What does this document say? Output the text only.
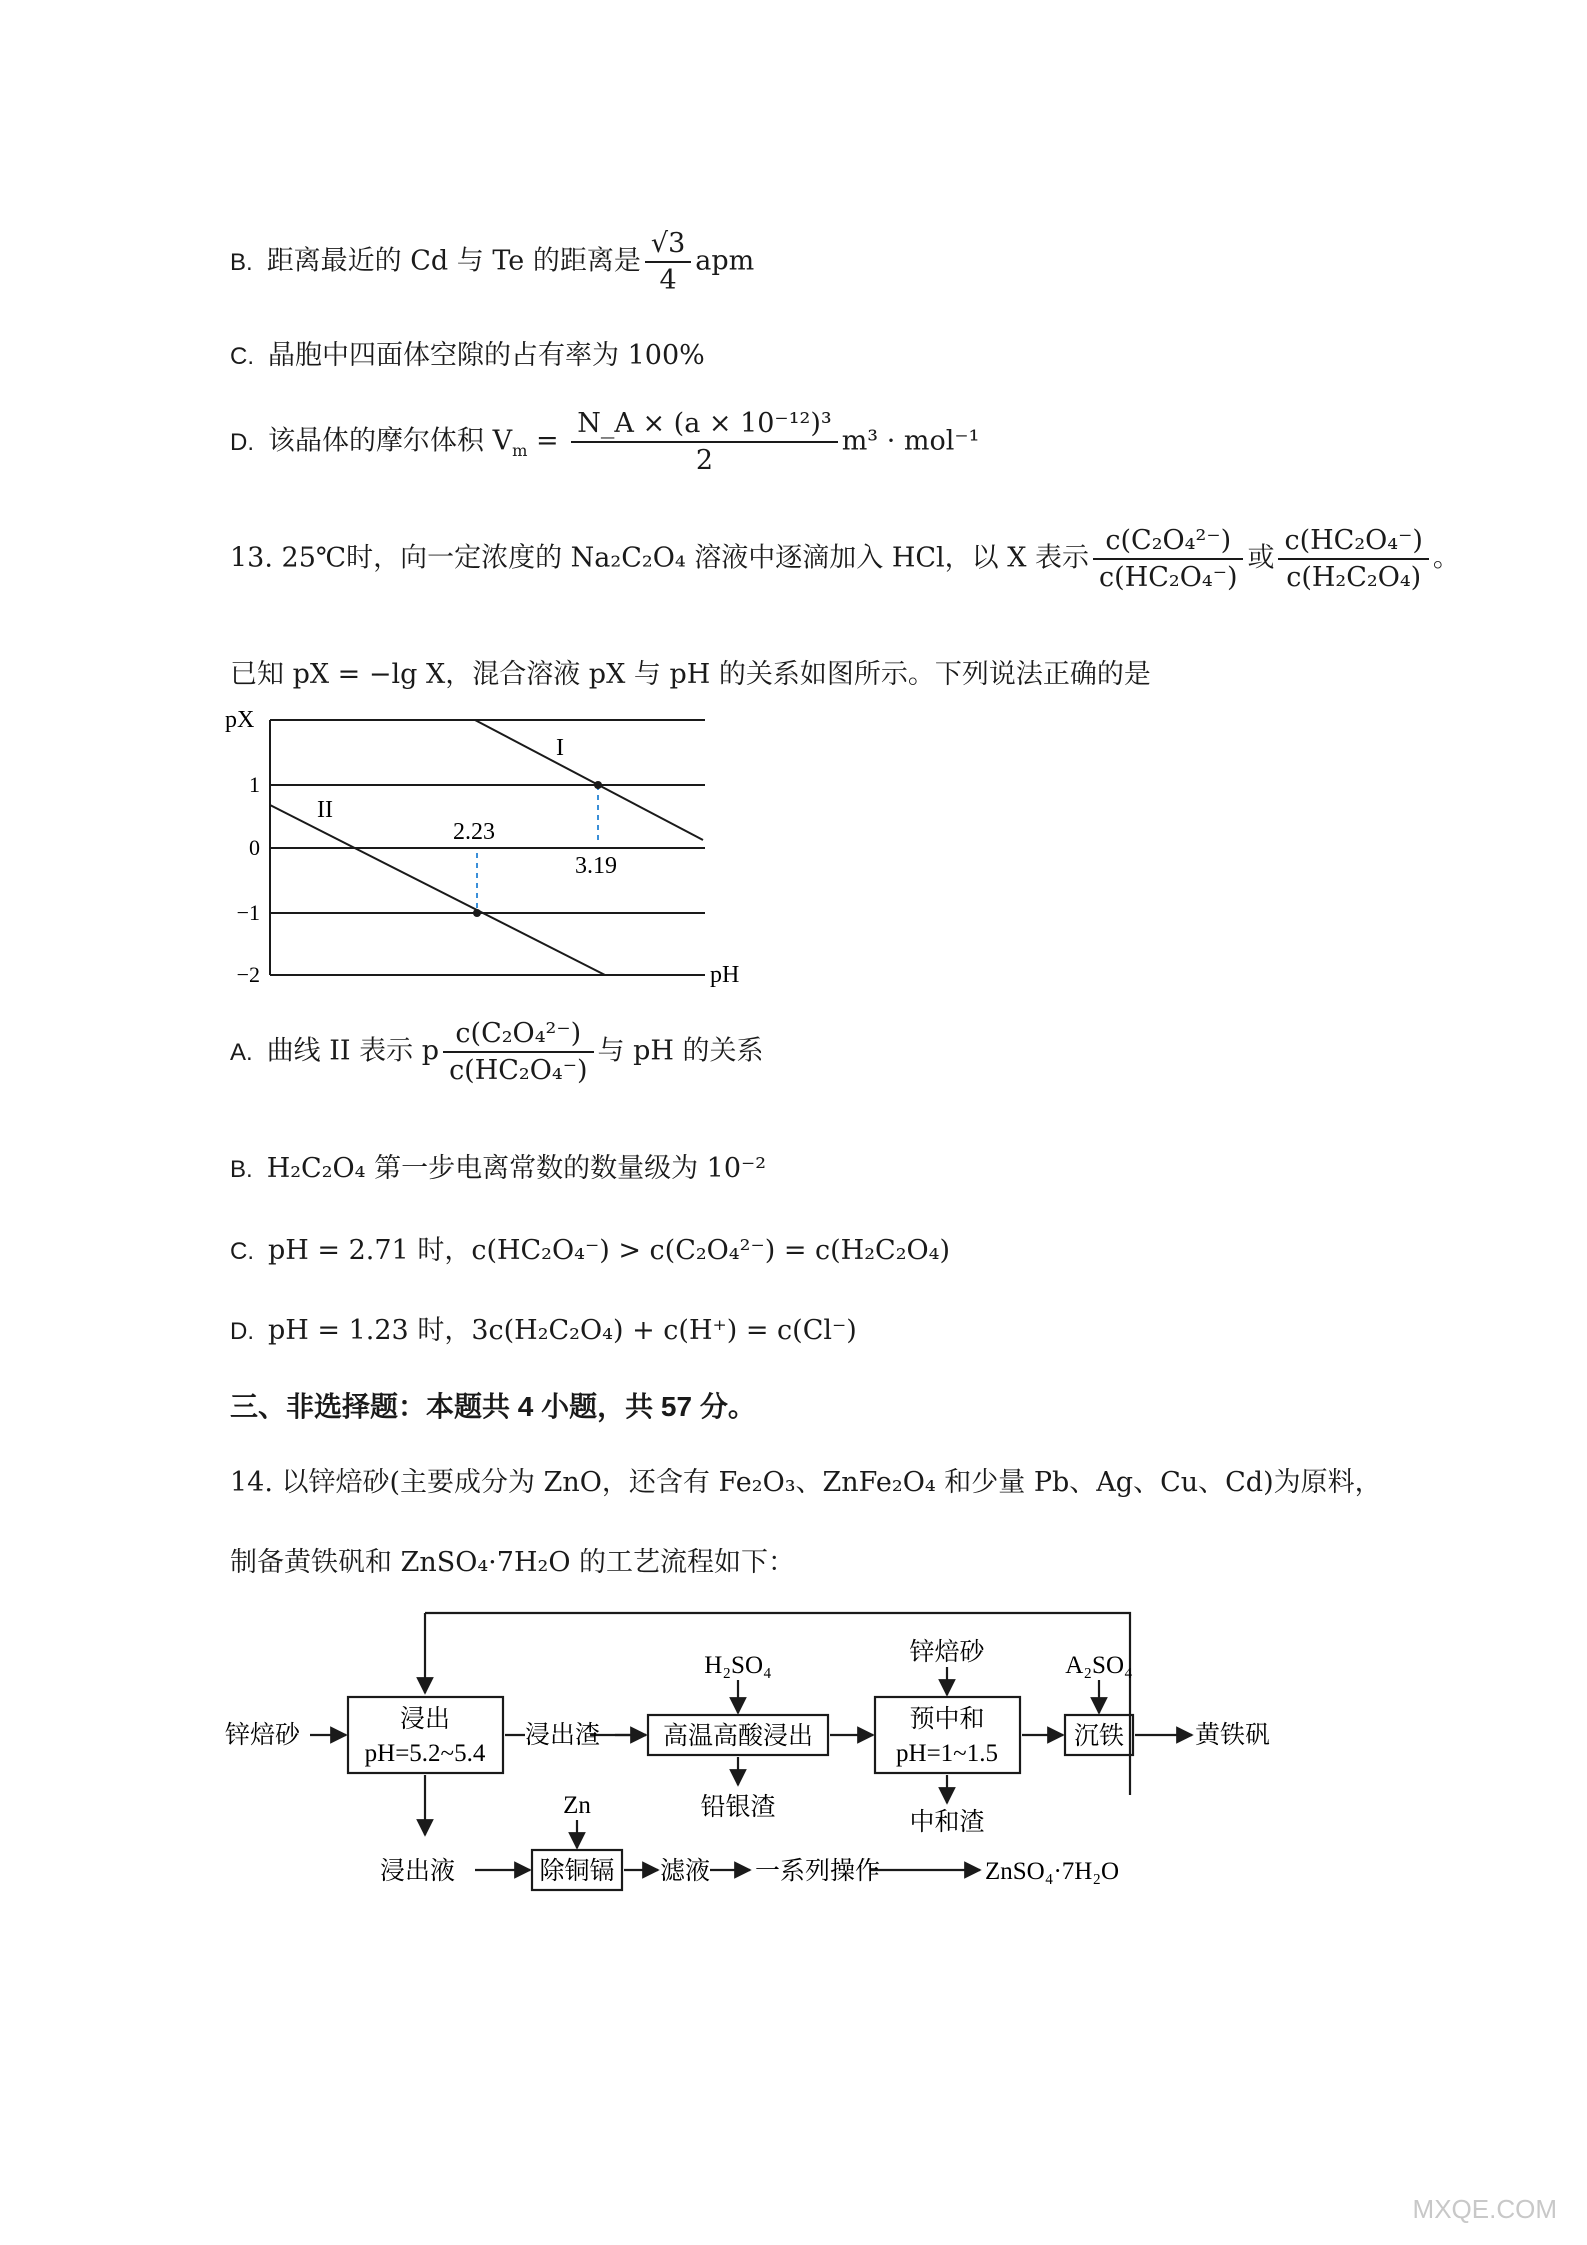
B. 距离最近的 Cd 与 Te 的距离是 $\frac{√3}{4}$ apm
C. 晶胞中四面体空隙的占有率为 100%
D. 该晶体的摩尔体积 $V_m = \frac{\text{N\_A × (a × 10⁻¹²)³}}{2} m^3 \cdot mol^{-1}$
13. 25℃时，向一定浓度的 Na₂C₂O₄ 溶液中逐滴加入 HCl，以 X 表示 $\frac{\text{c(C₂O₄²⁻)}}{\text{c(HC₂O₄⁻)}}$ 或 $\frac{\text{c(HC₂O₄⁻)}}{\text{c(H₂C₂O₄)}}$ 。
已知 pX = −lg X，混合溶液 pX 与 pH 的关系如图所示。下列说法正确的是
pX
pH
1
0
−1
−2
I
II
3.19
2.23
A. 曲线 II 表示 p $\frac{\text{c(C₂O₄²⁻)}}{\text{c(HC₂O₄⁻)}}$ 与 pH 的关系
B. H₂C₂O₄ 第一步电离常数的数量级为 10⁻²
C. pH = 2.71 时，c(HC₂O₄⁻) > c(C₂O₄²⁻) = c(H₂C₂O₄)
D. pH = 1.23 时，3c(H₂C₂O₄) + c(H⁺) = c(Cl⁻)
三、非选择题：本题共 4 小题，共 57 分。
14. 以锌焙砂(主要成分为 ZnO，还含有 Fe₂O₃、ZnFe₂O₄ 和少量 Pb、Ag、Cu、Cd)为原料，
制备黄铁矾和 ZnSO₄·7H₂O 的工艺流程如下：
锌焙砂
浸出
pH=5.2~5.4
浸出渣	高温高酸浸出
H₂SO₄
铅银渣
预中和
pH=1~1.5
锌焙砂
中和渣
A₂SO₄
沉铁	黄铁矾
浸出液
Zn
除铜镉 滤液 一系列操作	ZnSO₄·7H₂O
MXQE.COM
